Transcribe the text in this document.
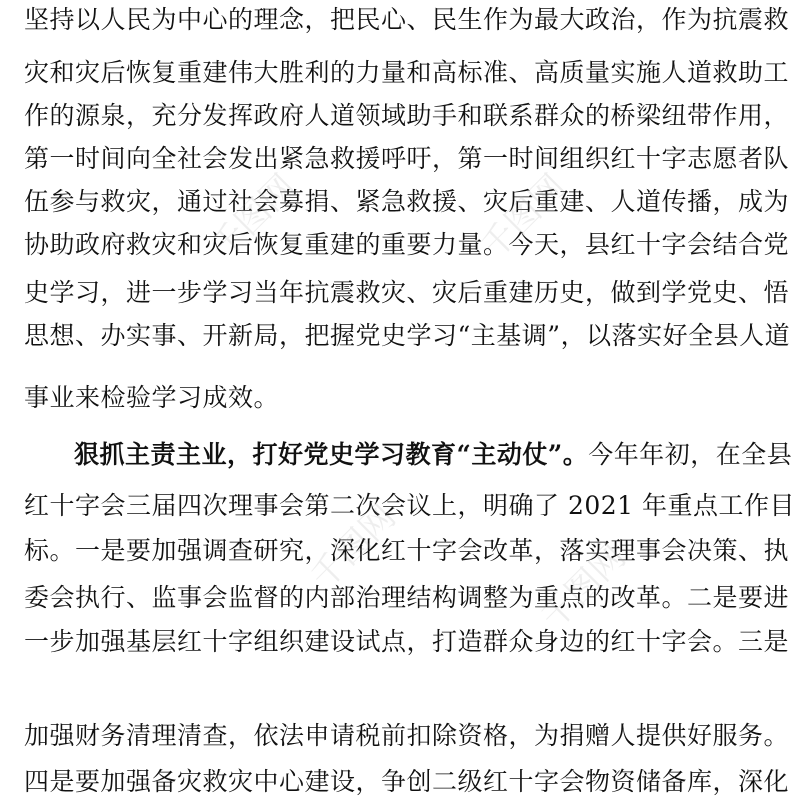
坚持以人民为中心的理念，把民心、民生作为最大政治，作为抗震救
灾和灾后恢复重建伟大胜利的力量和高标准、高质量实施人道救助工
作的源泉，充分发挥政府人道领域助手和联系群众的桥梁纽带作用，
第一时间向全社会发出紧急救援呼吁，第一时间组织红十字志愿者队
伍参与救灾，通过社会募捐、紧急救援、灾后重建、人道传播，成为
协助政府救灾和灾后恢复重建的重要力量。今天，县红十字会结合党
史学习，进一步学习当年抗震救灾、灾后重建历史，做到学党史、悟
思想、办实事、开新局，把握党史学习“主基调”，以落实好全县人道
事业来检验学习成效。
狠抓主责主业，打好党史学习教育“主动仗”。今年年初，在全县
红十字会三届四次理事会第二次会议上，明确了 2021 年重点工作目
标。一是要加强调查研究，深化红十字会改革，落实理事会决策、执
委会执行、监事会监督的内部治理结构调整为重点的改革。二是要进
一步加强基层红十字组织建设试点，打造群众身边的红十字会。三是
加强财务清理清查，依法申请税前扣除资格，为捐赠人提供好服务。
四是要加强备灾救灾中心建设，争创二级红十字会物资储备库，深化
千图网	千图网
千图网	千图网
